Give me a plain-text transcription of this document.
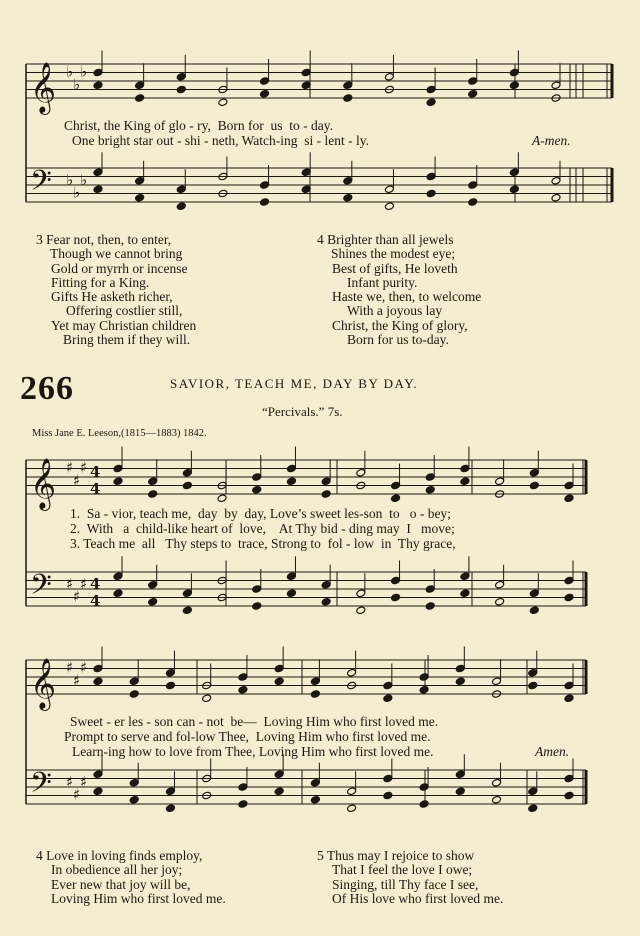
𝄞
𝄢
♭
♭
♭
♭
♭
♭
𝄞
𝄢
♯
♯
♯
♯
♯
♯
4
4
4
4
𝄞
𝄢
♯
♯
♯
♯
♯
♯
Christ, the King of glo - ry,  Born for  us  to - day.
One bright star out - shi - neth, Watch-ing  si - lent - ly.	A-men.
3 Fear not, then, to enter,
Though we cannot bring
Gold or myrrh or incense
Fitting for a King.
Gifts He asketh richer,
Offering costlier still,
Yet may Christian children
Bring them if they will.
4 Brighter than all jewels
Shines the modest eye;
Best of gifts, He loveth
Infant purity.
Haste we, then, to welcome
With a joyous lay
Christ, the King of glory,
Born for us to-day.
266	SAVIOR, TEACH ME, DAY BY DAY.
“Percivals.” 7s.
Miss Jane E. Leeson,(1815—1883) 1842.
1.  Sa - vior, teach me,  day  by  day, Love’s sweet les-son  to   o - bey;
2.  With   a  child-like heart of  love,    At Thy bid - ding may  I   move;
3. Teach me  all   Thy steps to  trace, Strong to  fol - low  in  Thy grace,
Sweet - er les - son can - not  be—  Loving Him who first loved me.
Prompt to serve and fol-low Thee,  Loving Him who first loved me.
Learn-ing how to love from Thee, Loving Him who first loved me.	Amen.
4 Love in loving finds employ,
In obedience all her joy;
Ever new that joy will be,
Loving Him who first loved me.
5 Thus may I rejoice to show
That I feel the love I owe;
Singing, till Thy face I see,
Of His love who first loved me.
